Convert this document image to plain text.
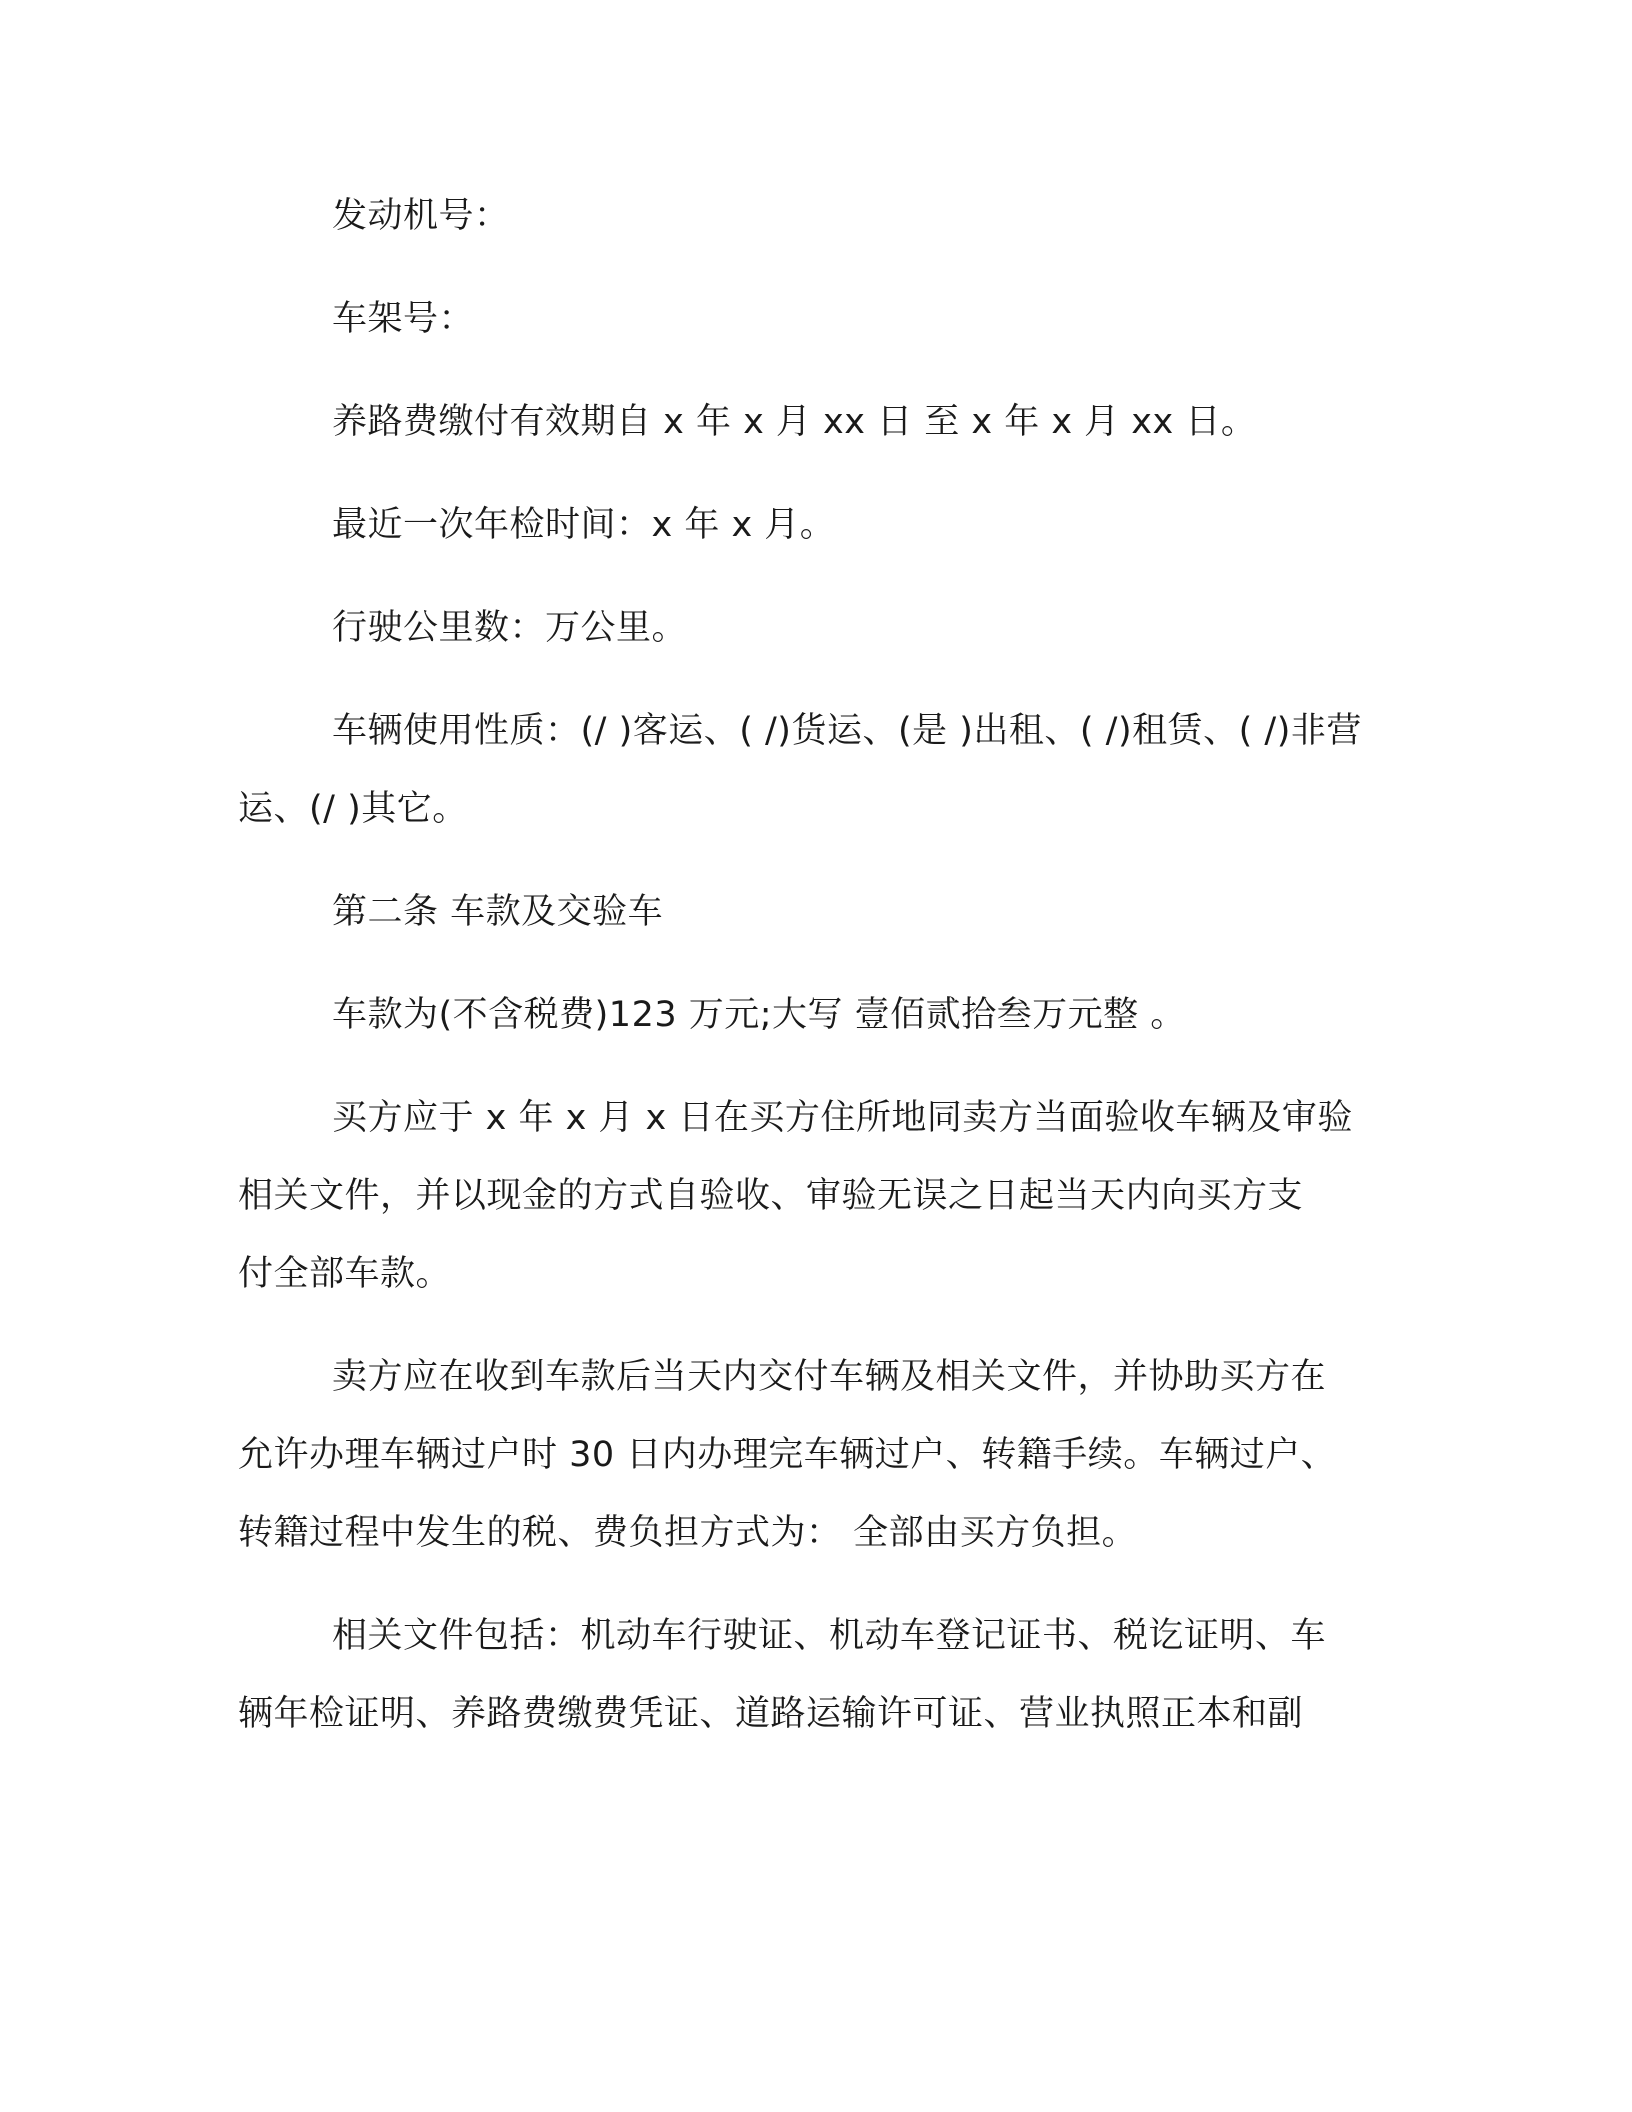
发动机号：
车架号：
养路费缴付有效期自 x 年 x 月 xx 日 至 x 年 x 月 xx 日。
最近一次年检时间：x 年 x 月。
行驶公里数：万公里。
车辆使用性质：(/ )客运、( /)货运、(是 )出租、( /)租赁、( /)非营
运、(/ )其它。
第二条 车款及交验车
车款为(不含税费)123 万元;大写 壹佰贰拾叁万元整 。
买方应于 x 年 x 月 x 日在买方住所地同卖方当面验收车辆及审验
相关文件，并以现金的方式自验收、审验无误之日起当天内向买方支
付全部车款。
卖方应在收到车款后当天内交付车辆及相关文件，并协助买方在
允许办理车辆过户时 30 日内办理完车辆过户、转籍手续。车辆过户、
转籍过程中发生的税、费负担方式为： 全部由买方负担。
相关文件包括：机动车行驶证、机动车登记证书、税讫证明、车
辆年检证明、养路费缴费凭证、道路运输许可证、营业执照正本和副
